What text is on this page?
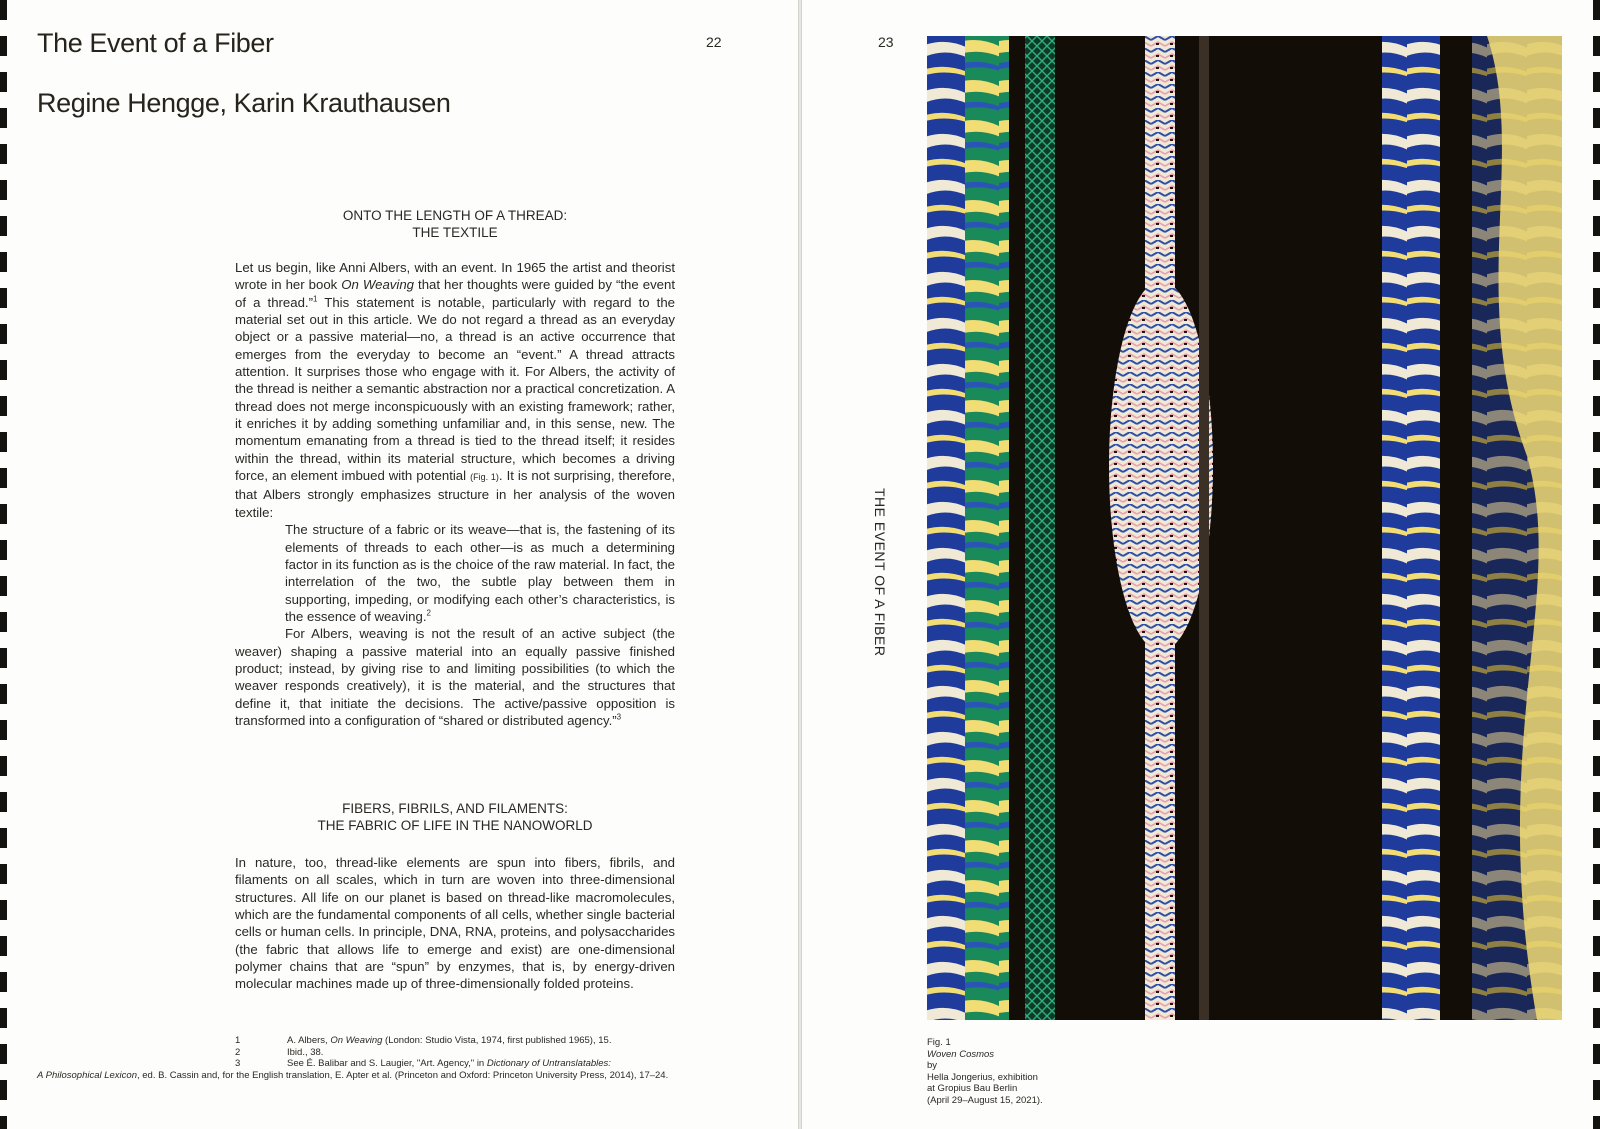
The Event of a Fiber
Regine Hengge, Karin Krauthausen
22
ONTO THE LENGTH OF A THREAD:
THE TEXTILE

Let us begin, like Anni Albers, with an event. In 1965 the artist and theorist wrote in her book On Weaving that her thoughts were guided by “the event of a thread.”$^1$ This statement is notable, particularly with regard to the material set out in this article. We do not regard a thread as an everyday object or a passive material—no, a thread is an active occurrence that emerges from the everyday to become an “event.” A thread attracts attention. It surprises those who engage with it. For Albers, the activity of the thread is neither a semantic abstraction nor a practical concretization. A thread does not merge inconspicuously with an existing framework; rather, it enriches it by adding something unfamiliar and, in this sense, new. The momentum emanating from a thread is tied to the thread itself; it resides within the thread, within its material structure, which becomes a driving force, an element imbued with potential (Fig. 1). It is not surprising, therefore, that Albers strongly emphasizes structure in her analysis of the woven textile:

The structure of a fabric or its weave—that is, the fastening of its elements of threads to each other—is as much a determining factor in its function as is the choice of the raw material. In fact, the interrelation of the two, the subtle play between them in supporting, impeding, or modifying each other’s characteristics, is the essence of weaving.$^2$

For Albers, weaving is not the result of an active subject (the weaver) shaping a passive material into an equally passive finished product; instead, by giving rise to and limiting possibilities (to which the weaver responds creatively), it is the material, and the structures that define it, that initiate the decisions. The active/passive opposition is transformed into a configuration of “shared or distributed agency.”$^3$

FIBERS, FIBRILS, AND FILAMENTS:
THE FABRIC OF LIFE IN THE NANOWORLD

In nature, too, thread-like elements are spun into fibers, fibrils, and filaments on all scales, which in turn are woven into three-dimensional structures. All life on our planet is based on thread-like macromolecules, which are the fundamental components of all cells, whether single bacterial cells or human cells. In principle, DNA, RNA, proteins, and polysaccharides (the fabric that allows life to emerge and exist) are one-dimensional polymer chains that are “spun” by enzymes, that is, by energy-driven molecular machines made up of three-dimensionally folded proteins.

1	A. Albers, On Weaving (London: Studio Vista, 1974, first published 1965), 15.
2	Ibid., 38.
3	See É. Balibar and S. Laugier, "Art. Agency," in Dictionary of Untranslatables:
A Philosophical Lexicon, ed. B. Cassin and, for the English translation, E. Apter et al. (Princeton and Oxford: Princeton University Press, 2014), 17–24.
23
THE EVENT OF A FIBER
Fig. 1
Woven Cosmos
by
Hella Jongerius, exhibition
at Gropius Bau Berlin
(April 29–August 15, 2021).
